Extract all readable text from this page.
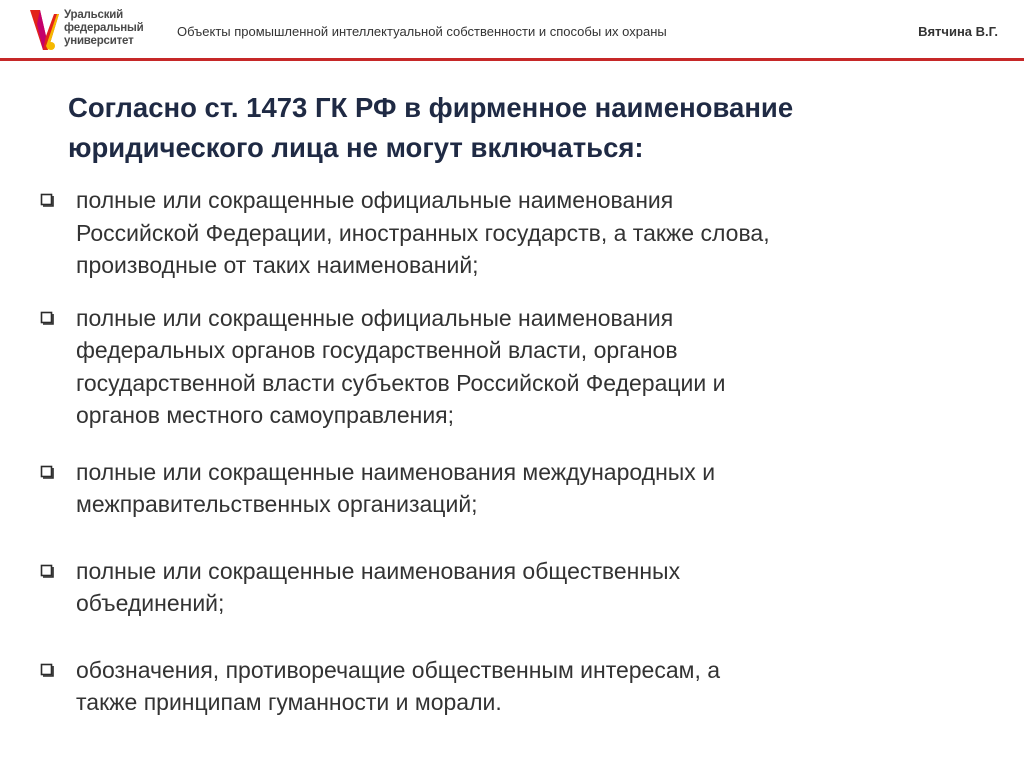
Уральский
федеральный
университет
Объекты промышленной интеллектуальной собственности и способы их охраны	Вятчина В.Г.
Согласно ст. 1473 ГК РФ в фирменное наименование
юридического лица не могут включаться:
полные или сокращенные официальные наименования
Российской Федерации, иностранных государств, а также слова,
производные от таких наименований;
полные или сокращенные официальные наименования
федеральных органов государственной власти, органов
государственной власти субъектов Российской Федерации и
органов местного самоуправления;
полные или сокращенные наименования международных и
межправительственных организаций;
полные или сокращенные наименования общественных
объединений;
обозначения, противоречащие общественным интересам, а
также принципам гуманности и морали.
